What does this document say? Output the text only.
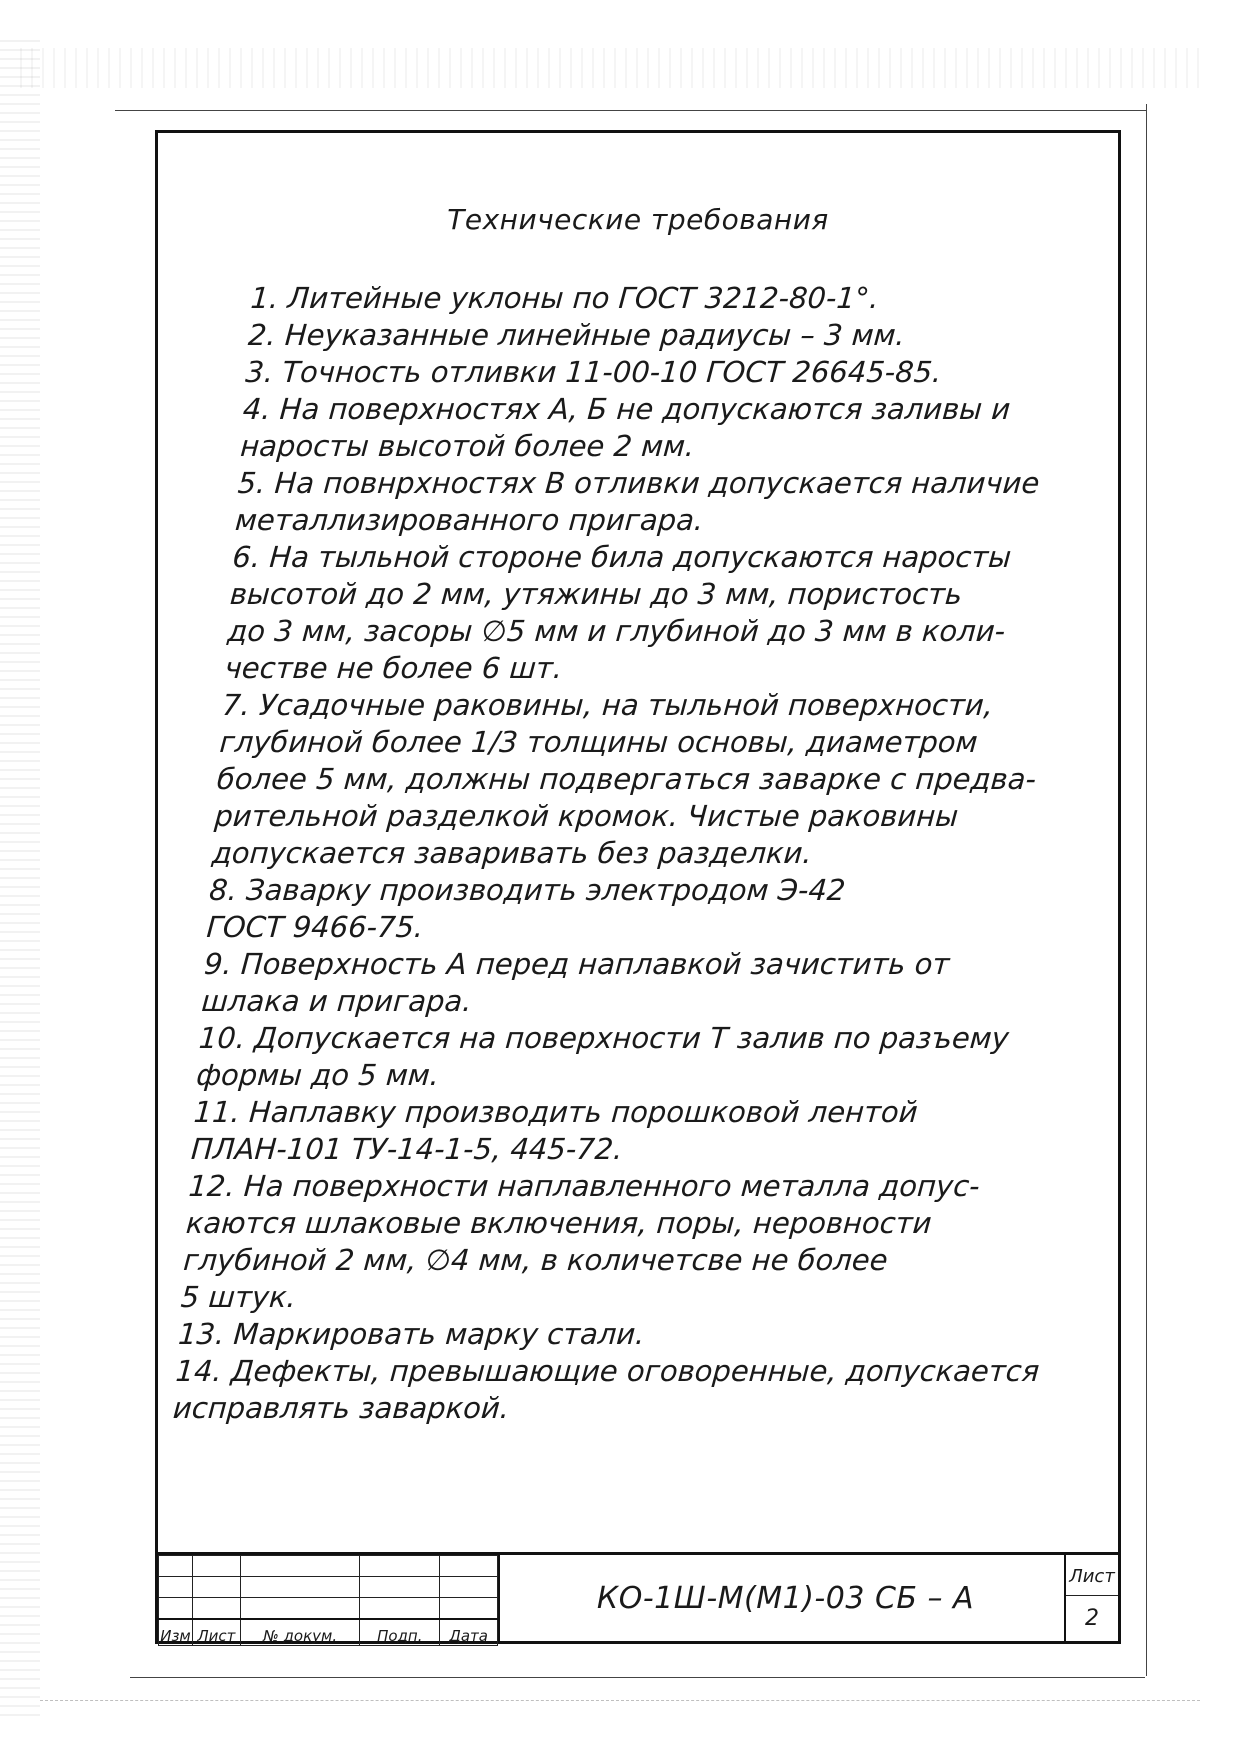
Технические требования
1. Литейные уклоны по ГОСТ 3212-80-1°.
2. Неуказанные линейные радиусы – 3 мм.
3. Точность отливки 11-00-10 ГОСТ 26645-85.
4. На поверхностях А, Б не допускаются заливы и
наросты высотой более 2 мм.
5. На повнрхностях В отливки допускается наличие
металлизированного пригара.
6. На тыльной стороне била допускаются наросты
высотой до 2 мм, утяжины до 3 мм, пористость
до 3 мм, засоры ∅5 мм и глубиной до 3 мм в коли-
честве не более 6 шт.
7. Усадочные раковины, на тыльной поверхности,
глубиной более 1/3 толщины основы, диаметром
более 5 мм, должны подвергаться заварке с предва-
рительной разделкой кромок. Чистые раковины
допускается заваривать без разделки.
8. Заварку производить электродом Э-42
ГОСТ 9466-75.
9. Поверхность А перед наплавкой зачистить от
шлака и пригара.
10. Допускается на поверхности Т залив по разъему
формы до 5 мм.
11. Наплавку производить порошковой лентой
ПЛАН-101 ТУ-14-1-5, 445-72.
12. На поверхности наплавленного металла допус-
каются шлаковые включения, поры, неровности
глубиной 2 мм, ∅4 мм, в количетсве не более
5 штук.
13. Маркировать марку стали.
14. Дефекты, превышающие оговоренные, допускается
исправлять заваркой.

Изм	Лист	№ докум.	Подп.	Дата
КО-1Ш-М(М1)-03 СБ – А
Лист
2
